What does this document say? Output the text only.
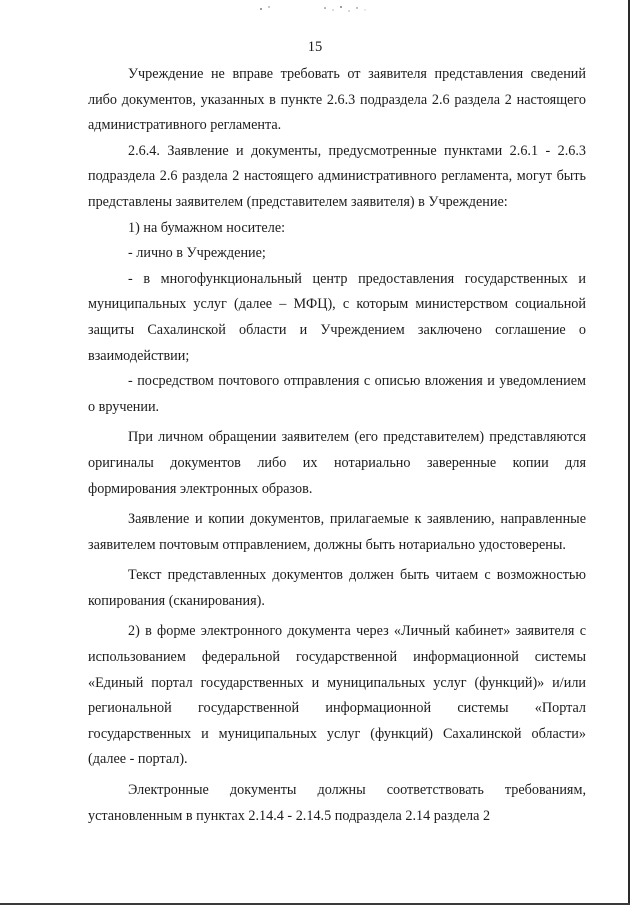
15

Учреждение не вправе требовать от заявителя представления сведений либо документов, указанных в пункте 2.6.3 подраздела 2.6 раздела 2 настоящего административного регламента.

2.6.4. Заявление и документы, предусмотренные пунктами 2.6.1 - 2.6.3 подраздела 2.6 раздела 2 настоящего административного регламента, могут быть представлены заявителем (представителем заявителя) в Учреждение:

1) на бумажном носителе:

- лично в Учреждение;

- в многофункциональный центр предоставления государственных и муниципальных услуг (далее – МФЦ), с которым министерством социальной защиты Сахалинской области и Учреждением заключено соглашение о взаимодействии;

- посредством почтового отправления с описью вложения и уведомлением о вручении.

При личном обращении заявителем (его представителем) представляются оригиналы документов либо их нотариально заверенные копии для формирования электронных образов.

Заявление и копии документов, прилагаемые к заявлению, направленные заявителем почтовым отправлением, должны быть нотариально удостоверены.

Текст представленных документов должен быть читаем с возможностью копирования (сканирования).

2) в форме электронного документа через «Личный кабинет» заявителя с использованием федеральной государственной информационной системы «Единый портал государственных и муниципальных услуг (функций)» и/или региональной государственной информационной системы «Портал государственных и муниципальных услуг (функций) Сахалинской области» (далее - портал).

Электронные документы должны соответствовать требованиям, установленным в пунктах 2.14.4 - 2.14.5 подраздела 2.14 раздела 2
